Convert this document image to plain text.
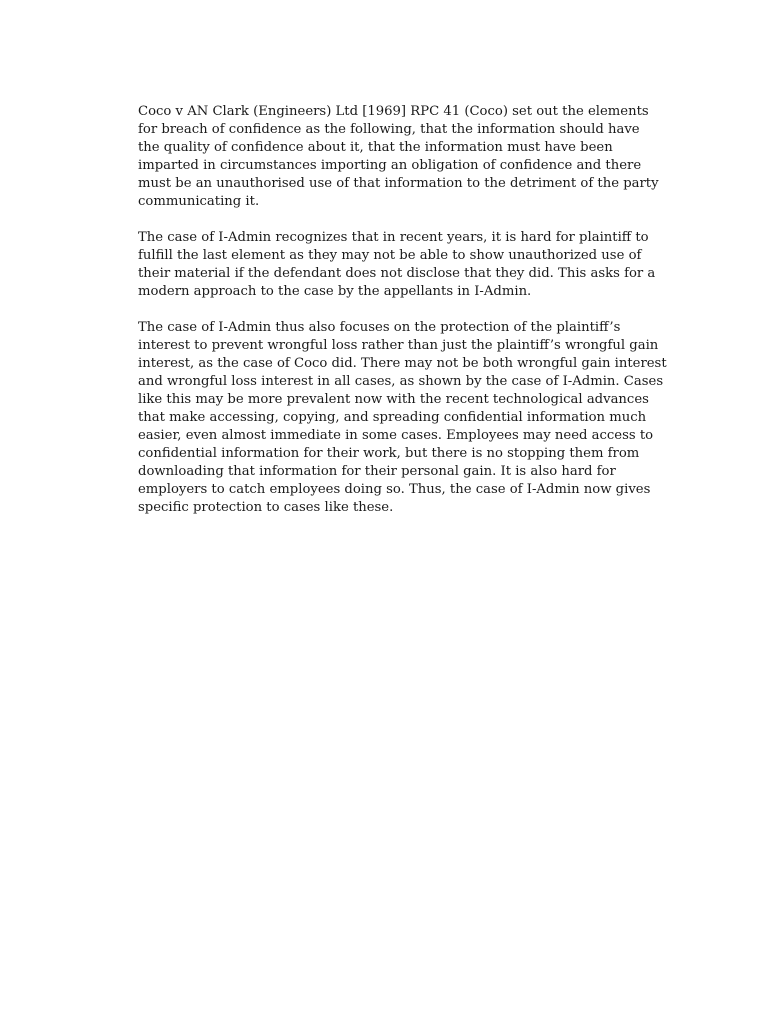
Coco v AN Clark (Engineers) Ltd [1969] RPC 41 (Coco) set out the elements
for breach of confidence as the following, that the information should have
the quality of confidence about it, that the information must have been
imparted in circumstances importing an obligation of confidence and there
must be an unauthorised use of that information to the detriment of the party
communicating it.

The case of I-Admin recognizes that in recent years, it is hard for plaintiff to
fulfill the last element as they may not be able to show unauthorized use of
their material if the defendant does not disclose that they did. This asks for a
modern approach to the case by the appellants in I-Admin.

The case of I-Admin thus also focuses on the protection of the plaintiff’s
interest to prevent wrongful loss rather than just the plaintiff’s wrongful gain
interest, as the case of Coco did. There may not be both wrongful gain interest
and wrongful loss interest in all cases, as shown by the case of I-Admin. Cases
like this may be more prevalent now with the recent technological advances
that make accessing, copying, and spreading confidential information much
easier, even almost immediate in some cases. Employees may need access to
confidential information for their work, but there is no stopping them from
downloading that information for their personal gain. It is also hard for
employers to catch employees doing so. Thus, the case of I-Admin now gives
specific protection to cases like these.
